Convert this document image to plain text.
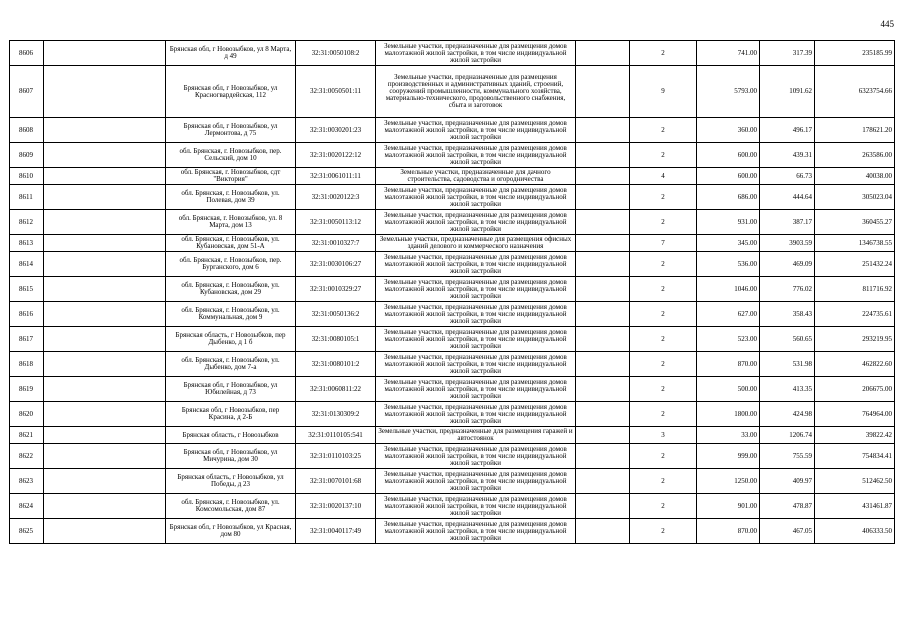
445
8606		Брянская обл, г Новозыбков, ул 8 Марта, д 49	32:31:0050108:2	Земельные участки, предназначенные для размещения домов малоэтажной жилой застройки, в том числе индивидуальной жилой застройки		2	741.00	317.39	235185.99
8607		Брянская обл, г Новозыбков, ул Красногвардейская, 112	32:31:0050501:11	Земельные участки, предназначенные для размещения производственных и административных зданий, строений, сооружений промышленности, коммунального хозяйства, материально-технического, продовольственного снабжения, сбыта и заготовок		9	5793.00	1091.62	6323754.66
8608		Брянская обл, г Новозыбков, ул Лермонтова, д 75	32:31:0030201:23	Земельные участки, предназначенные для размещения домов малоэтажной жилой застройки, в том числе индивидуальной жилой застройки		2	360.00	496.17	178621.20
8609		обл. Брянская, г. Новозыбков, пер. Сельский, дом 10	32:31:0020122:12	Земельные участки, предназначенные для размещения домов малоэтажной жилой застройки, в том числе индивидуальной жилой застройки		2	600.00	439.31	263586.00
8610		обл. Брянская, г. Новозыбков, сдт "Виктория"	32:31:0061011:11	Земельные участки, предназначенные для дачного строительства, садоводства и огородничества		4	600.00	66.73	40038.00
8611		обл. Брянская, г. Новозыбков, ул. Полевая, дом 39	32:31:0020122:3	Земельные участки, предназначенные для размещения домов малоэтажной жилой застройки, в том числе индивидуальной жилой застройки		2	686.00	444.64	305023.04
8612		обл. Брянская, г. Новозыбков, ул. 8 Марта, дом 13	32:31:0050113:12	Земельные участки, предназначенные для размещения домов малоэтажной жилой застройки, в том числе индивидуальной жилой застройки		2	931.00	387.17	360455.27
8613		обл. Брянская, г. Новозыбков, ул. Кубановская, дом 51-А	32:31:0010327:7	Земельные участки, предназначенные для размещения офисных зданий делового и коммерческого назначения		7	345.00	3903.59	1346738.55
8614		обл. Брянская, г. Новозыбков, пер. Бурганского, дом 6	32:31:0030106:27	Земельные участки, предназначенные для размещения домов малоэтажной жилой застройки, в том числе индивидуальной жилой застройки		2	536.00	469.09	251432.24
8615		обл. Брянская, г. Новозыбков, ул. Кубановская, дом 29	32:31:0010329:27	Земельные участки, предназначенные для размещения домов малоэтажной жилой застройки, в том числе индивидуальной жилой застройки		2	1046.00	776.02	811716.92
8616		обл. Брянская, г. Новозыбков, ул. Коммунальная, дом 9	32:31:0050136:2	Земельные участки, предназначенные для размещения домов малоэтажной жилой застройки, в том числе индивидуальной жилой застройки		2	627.00	358.43	224735.61
8617		Брянская область, г Новозыбков, пер Дыбенко, д 1 б	32:31:0080105:1	Земельные участки, предназначенные для размещения домов малоэтажной жилой застройки, в том числе индивидуальной жилой застройки		2	523.00	560.65	293219.95
8618		обл. Брянская, г. Новозыбков, ул. Дыбенко, дом 7-а	32:31:0080101:2	Земельные участки, предназначенные для размещения домов малоэтажной жилой застройки, в том числе индивидуальной жилой застройки		2	870.00	531.98	462822.60
8619		Брянская обл, г Новозыбков, ул Юбилейная, д 73	32:31:0060811:22	Земельные участки, предназначенные для размещения домов малоэтажной жилой застройки, в том числе индивидуальной жилой застройки		2	500.00	413.35	206675.00
8620		Брянская обл, г Новозыбков, пер Красина, д 2-Б	32:31:0130309:2	Земельные участки, предназначенные для размещения домов малоэтажной жилой застройки, в том числе индивидуальной жилой застройки		2	1800.00	424.98	764964.00
8621		Брянская область, г Новозыбков	32:31:0110105:541	Земельные участки, предназначенные для размещения гаражей и автостоянок		3	33.00	1206.74	39822.42
8622		Брянская обл, г Новозыбков, ул Мичурина, дом 30	32:31:0110103:25	Земельные участки, предназначенные для размещения домов малоэтажной жилой застройки, в том числе индивидуальной жилой застройки		2	999.00	755.59	754834.41
8623		Брянская область, г Новозыбков, ул Победы, д 23	32:31:0070101:68	Земельные участки, предназначенные для размещения домов малоэтажной жилой застройки, в том числе индивидуальной жилой застройки		2	1250.00	409.97	512462.50
8624		обл. Брянская, г. Новозыбков, ул. Комсомольская, дом 87	32:31:0020137:10	Земельные участки, предназначенные для размещения домов малоэтажной жилой застройки, в том числе индивидуальной жилой застройки		2	901.00	478.87	431461.87
8625		Брянская обл, г Новозыбков, ул Красная, дом 80	32:31:0040117:49	Земельные участки, предназначенные для размещения домов малоэтажной жилой застройки, в том числе индивидуальной жилой застройки		2	870.00	467.05	406333.50
